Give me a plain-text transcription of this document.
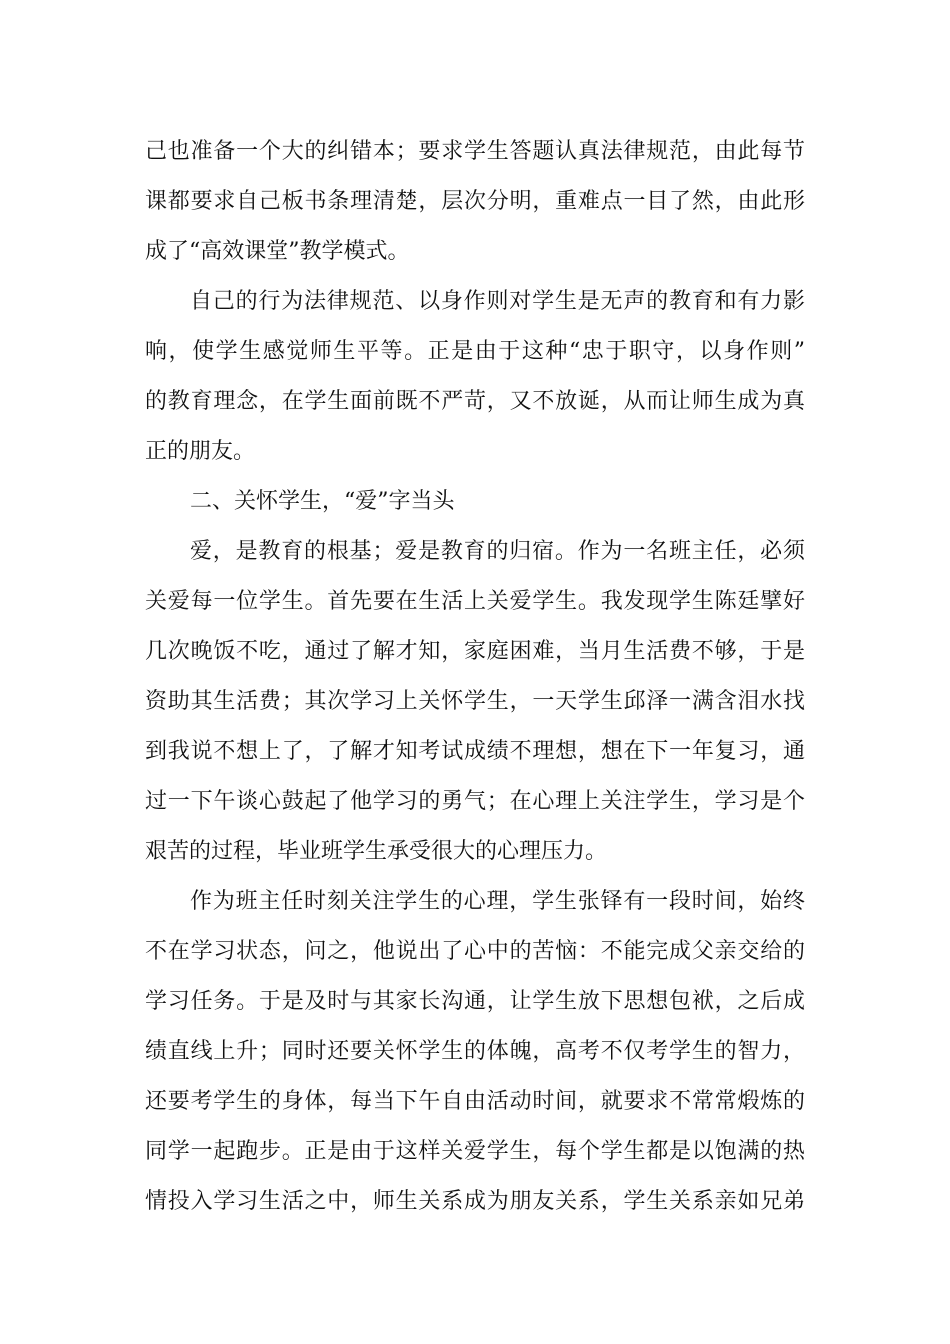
己也准备一个大的纠错本；要求学生答题认真法律规范，由此每节
课都要求自己板书条理清楚，层次分明，重难点一目了然，由此形
成了“高效课堂”教学模式。
自己的行为法律规范、以身作则对学生是无声的教育和有力影
响，使学生感觉师生平等。正是由于这种“忠于职守，以身作则”
的教育理念，在学生面前既不严苛，又不放诞，从而让师生成为真
正的朋友。
二、关怀学生，“爱”字当头
爱，是教育的根基；爱是教育的归宿。作为一名班主任，必须
关爱每一位学生。首先要在生活上关爱学生。我发现学生陈廷擘好
几次晚饭不吃，通过了解才知，家庭困难，当月生活费不够，于是
资助其生活费；其次学习上关怀学生，一天学生邱泽一满含泪水找
到我说不想上了，了解才知考试成绩不理想，想在下一年复习，通
过一下午谈心鼓起了他学习的勇气；在心理上关注学生，学习是个
艰苦的过程，毕业班学生承受很大的心理压力。
作为班主任时刻关注学生的心理，学生张铎有一段时间，始终
不在学习状态，问之，他说出了心中的苦恼：不能完成父亲交给的
学习任务。于是及时与其家长沟通，让学生放下思想包袱，之后成
绩直线上升；同时还要关怀学生的体魄，高考不仅考学生的智力，
还要考学生的身体，每当下午自由活动时间，就要求不常常煅炼的
同学一起跑步。正是由于这样关爱学生，每个学生都是以饱满的热
情投入学习生活之中，师生关系成为朋友关系，学生关系亲如兄弟
